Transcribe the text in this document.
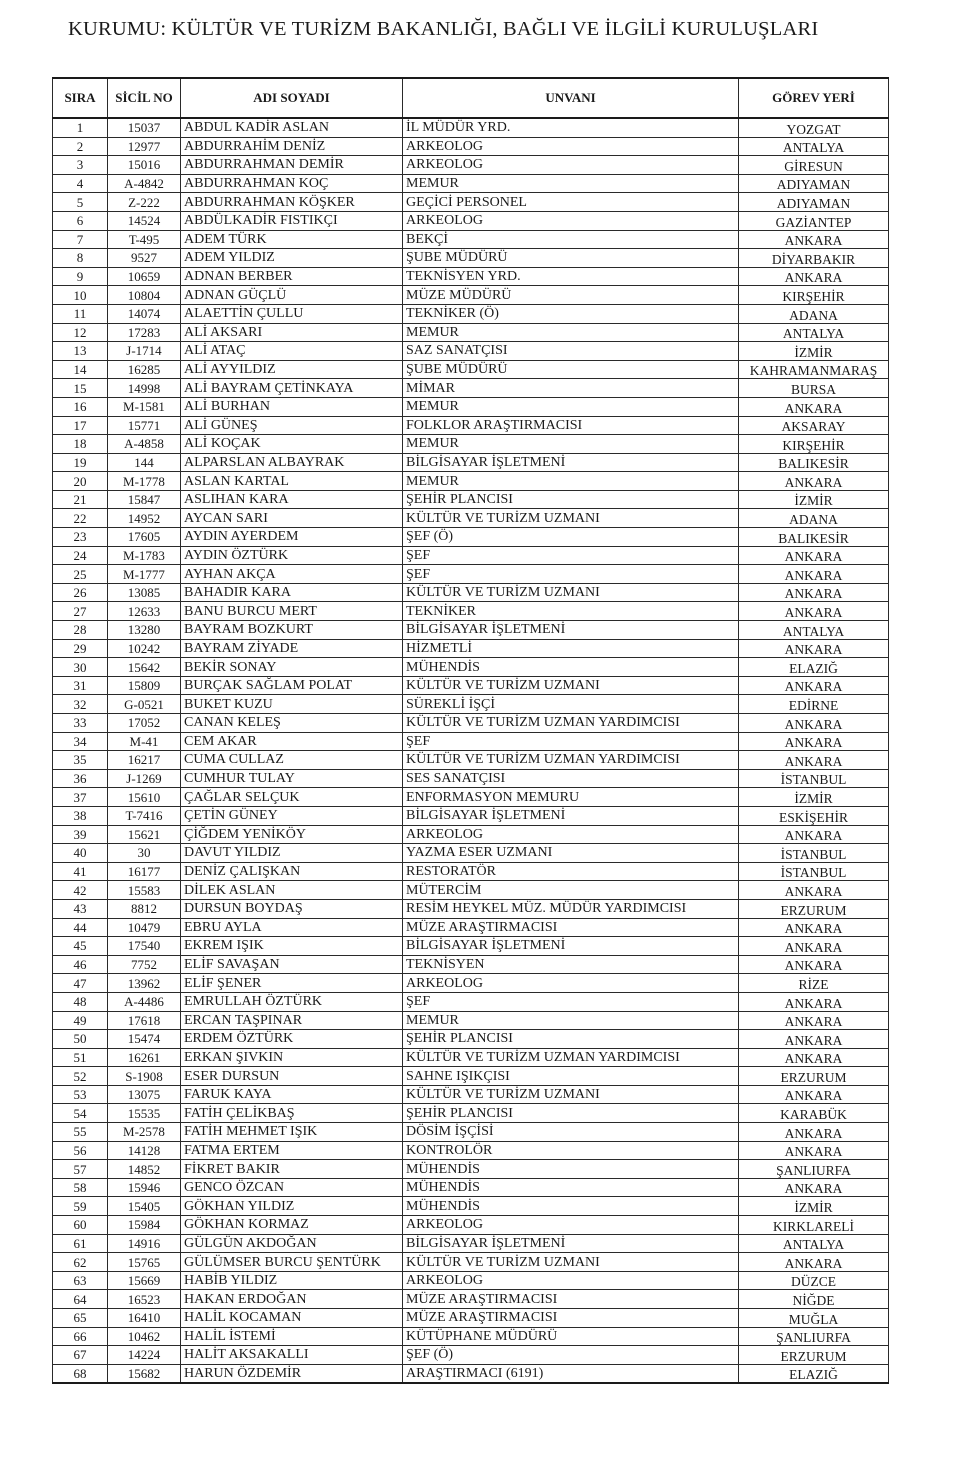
KURUMU: KÜLTÜR VE TURİZM BAKANLIĞI, BAĞLI VE İLGİLİ KURULUŞLARI
SIRA	SİCİL NO	ADI SOYADI	UNVANI	GÖREV YERİ
1	15037	ABDUL KADİR ASLAN	İL MÜDÜR YRD.	YOZGAT
2	12977	ABDURRAHİM DENİZ	ARKEOLOG	ANTALYA
3	15016	ABDURRAHMAN DEMİR	ARKEOLOG	GİRESUN
4	A-4842	ABDURRAHMAN KOÇ	MEMUR	ADIYAMAN
5	Z-222	ABDURRAHMAN KÖŞKER	GEÇİCİ PERSONEL	ADIYAMAN
6	14524	ABDÜLKADİR FISTIKÇI	ARKEOLOG	GAZİANTEP
7	T-495	ADEM TÜRK	BEKÇİ	ANKARA
8	9527	ADEM YILDIZ	ŞUBE MÜDÜRÜ	DİYARBAKIR
9	10659	ADNAN BERBER	TEKNİSYEN YRD.	ANKARA
10	10804	ADNAN GÜÇLÜ	MÜZE MÜDÜRÜ	KIRŞEHİR
11	14074	ALAETTİN ÇULLU	TEKNİKER (Ö)	ADANA
12	17283	ALİ AKSARI	MEMUR	ANTALYA
13	J-1714	ALİ ATAÇ	SAZ SANATÇISI	İZMİR
14	16285	ALİ AYYILDIZ	ŞUBE MÜDÜRÜ	KAHRAMANMARAŞ
15	14998	ALİ BAYRAM ÇETİNKAYA	MİMAR	BURSA
16	M-1581	ALİ BURHAN	MEMUR	ANKARA
17	15771	ALİ GÜNEŞ	FOLKLOR ARAŞTIRMACISI	AKSARAY
18	A-4858	ALİ KOÇAK	MEMUR	KIRŞEHİR
19	144	ALPARSLAN ALBAYRAK	BİLGİSAYAR İŞLETMENİ	BALIKESİR
20	M-1778	ASLAN KARTAL	MEMUR	ANKARA
21	15847	ASLIHAN KARA	ŞEHİR PLANCISI	İZMİR
22	14952	AYCAN SARI	KÜLTÜR VE TURİZM UZMANI	ADANA
23	17605	AYDIN AYERDEM	ŞEF (Ö)	BALIKESİR
24	M-1783	AYDIN ÖZTÜRK	ŞEF	ANKARA
25	M-1777	AYHAN AKÇA	ŞEF	ANKARA
26	13085	BAHADIR KARA	KÜLTÜR VE TURİZM UZMANI	ANKARA
27	12633	BANU BURCU MERT	TEKNİKER	ANKARA
28	13280	BAYRAM BOZKURT	BİLGİSAYAR İŞLETMENİ	ANTALYA
29	10242	BAYRAM ZİYADE	HİZMETLİ	ANKARA
30	15642	BEKİR SONAY	MÜHENDİS	ELAZIĞ
31	15809	BURÇAK SAĞLAM POLAT	KÜLTÜR VE TURİZM UZMANI	ANKARA
32	G-0521	BUKET KUZU	SÜREKLİ İŞÇİ	EDİRNE
33	17052	CANAN KELEŞ	KÜLTÜR VE TURİZM UZMAN YARDIMCISI	ANKARA
34	M-41	CEM AKAR	ŞEF	ANKARA
35	16217	CUMA CULLAZ	KÜLTÜR VE TURİZM UZMAN YARDIMCISI	ANKARA
36	J-1269	CUMHUR TULAY	SES SANATÇISI	İSTANBUL
37	15610	ÇAĞLAR SELÇUK	ENFORMASYON MEMURU	İZMİR
38	T-7416	ÇETİN GÜNEY	BİLGİSAYAR İŞLETMENİ	ESKİŞEHİR
39	15621	ÇİĞDEM YENİKÖY	ARKEOLOG	ANKARA
40	30	DAVUT YILDIZ	YAZMA ESER UZMANI	İSTANBUL
41	16177	DENİZ ÇALIŞKAN	RESTORATÖR	İSTANBUL
42	15583	DİLEK ASLAN	MÜTERCİM	ANKARA
43	8812	DURSUN BOYDAŞ	RESİM HEYKEL MÜZ. MÜDÜR YARDIMCISI	ERZURUM
44	10479	EBRU AYLA	MÜZE ARAŞTIRMACISI	ANKARA
45	17540	EKREM IŞIK	BİLGİSAYAR İŞLETMENİ	ANKARA
46	7752	ELİF SAVAŞAN	TEKNİSYEN	ANKARA
47	13962	ELİF ŞENER	ARKEOLOG	RİZE
48	A-4486	EMRULLAH ÖZTÜRK	ŞEF	ANKARA
49	17618	ERCAN TAŞPINAR	MEMUR	ANKARA
50	15474	ERDEM ÖZTÜRK	ŞEHİR PLANCISI	ANKARA
51	16261	ERKAN ŞIVKIN	KÜLTÜR VE TURİZM UZMAN YARDIMCISI	ANKARA
52	S-1908	ESER DURSUN	SAHNE IŞIKÇISI	ERZURUM
53	13075	FARUK KAYA	KÜLTÜR VE TURİZM UZMANI	ANKARA
54	15535	FATİH ÇELİKBAŞ	ŞEHİR PLANCISI	KARABÜK
55	M-2578	FATİH MEHMET IŞIK	DÖSİM İŞÇİSİ	ANKARA
56	14128	FATMA ERTEM	KONTROLÖR	ANKARA
57	14852	FİKRET BAKIR	MÜHENDİS	ŞANLIURFA
58	15946	GENCO ÖZCAN	MÜHENDİS	ANKARA
59	15405	GÖKHAN YILDIZ	MÜHENDİS	İZMİR
60	15984	GÖKHAN KORMAZ	ARKEOLOG	KIRKLARELİ
61	14916	GÜLGÜN AKDOĞAN	BİLGİSAYAR İŞLETMENİ	ANTALYA
62	15765	GÜLÜMSER BURCU ŞENTÜRK	KÜLTÜR VE TURİZM UZMANI	ANKARA
63	15669	HABİB YILDIZ	ARKEOLOG	DÜZCE
64	16523	HAKAN ERDOĞAN	MÜZE ARAŞTIRMACISI	NİĞDE
65	16410	HALİL KOCAMAN	MÜZE ARAŞTIRMACISI	MUĞLA
66	10462	HALİL İSTEMİ	KÜTÜPHANE MÜDÜRÜ	ŞANLIURFA
67	14224	HALİT AKSAKALLI	ŞEF (Ö)	ERZURUM
68	15682	HARUN ÖZDEMİR	ARAŞTIRMACI (6191)	ELAZIĞ
